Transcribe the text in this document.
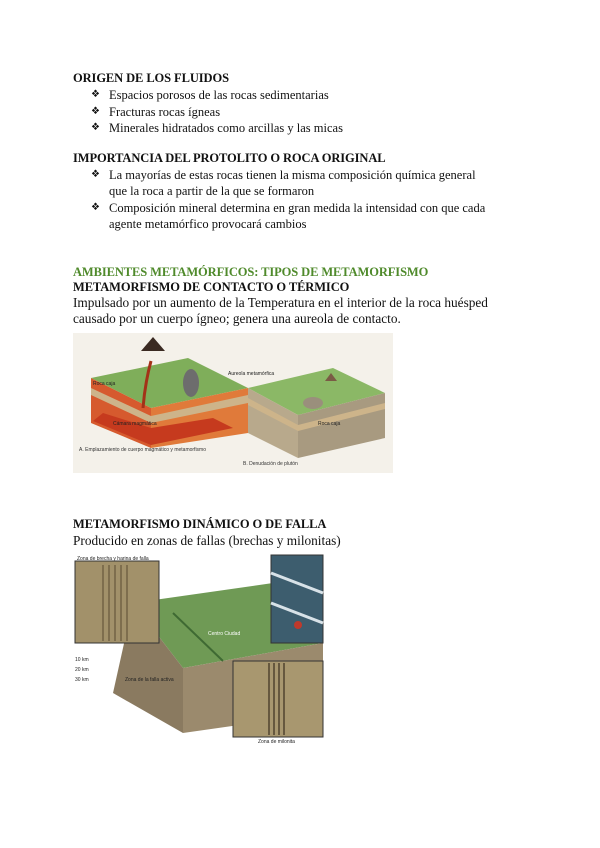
ORIGEN DE LOS FLUIDOS
❖ Espacios porosos de las rocas sedimentarias
❖ Fracturas rocas ígneas
❖ Minerales hidratados como arcillas y las micas
IMPORTANCIA DEL PROTOLITO O ROCA ORIGINAL
❖ La mayorías de estas rocas tienen la misma composición química general
que la roca a partir de la que se formaron
❖ Composición mineral determina en gran medida la intensidad con que cada
agente metamórfico provocará cambios
AMBIENTES METAMÓRFICOS: TIPOS DE METAMORFISMO
METAMORFISMO DE CONTACTO O TÉRMICO
Impulsado por un aumento de la Temperatura en el interior de la roca huésped
causado por un cuerpo ígneo; genera una aureola de contacto.
Roca caja
Cámara magmática
A. Emplazamiento de cuerpo magmático y metamorfismo
Aureola metamórfica
Roca caja
B. Denudación de plutón
METAMORFISMO DINÁMICO O DE FALLA
Producido en zonas de fallas (brechas y milonitas)
Zona de brecha y harina de falla
Zona de milonita
10 km
20 km
30 km	Zona de la falla activa
Centro Ciudad
